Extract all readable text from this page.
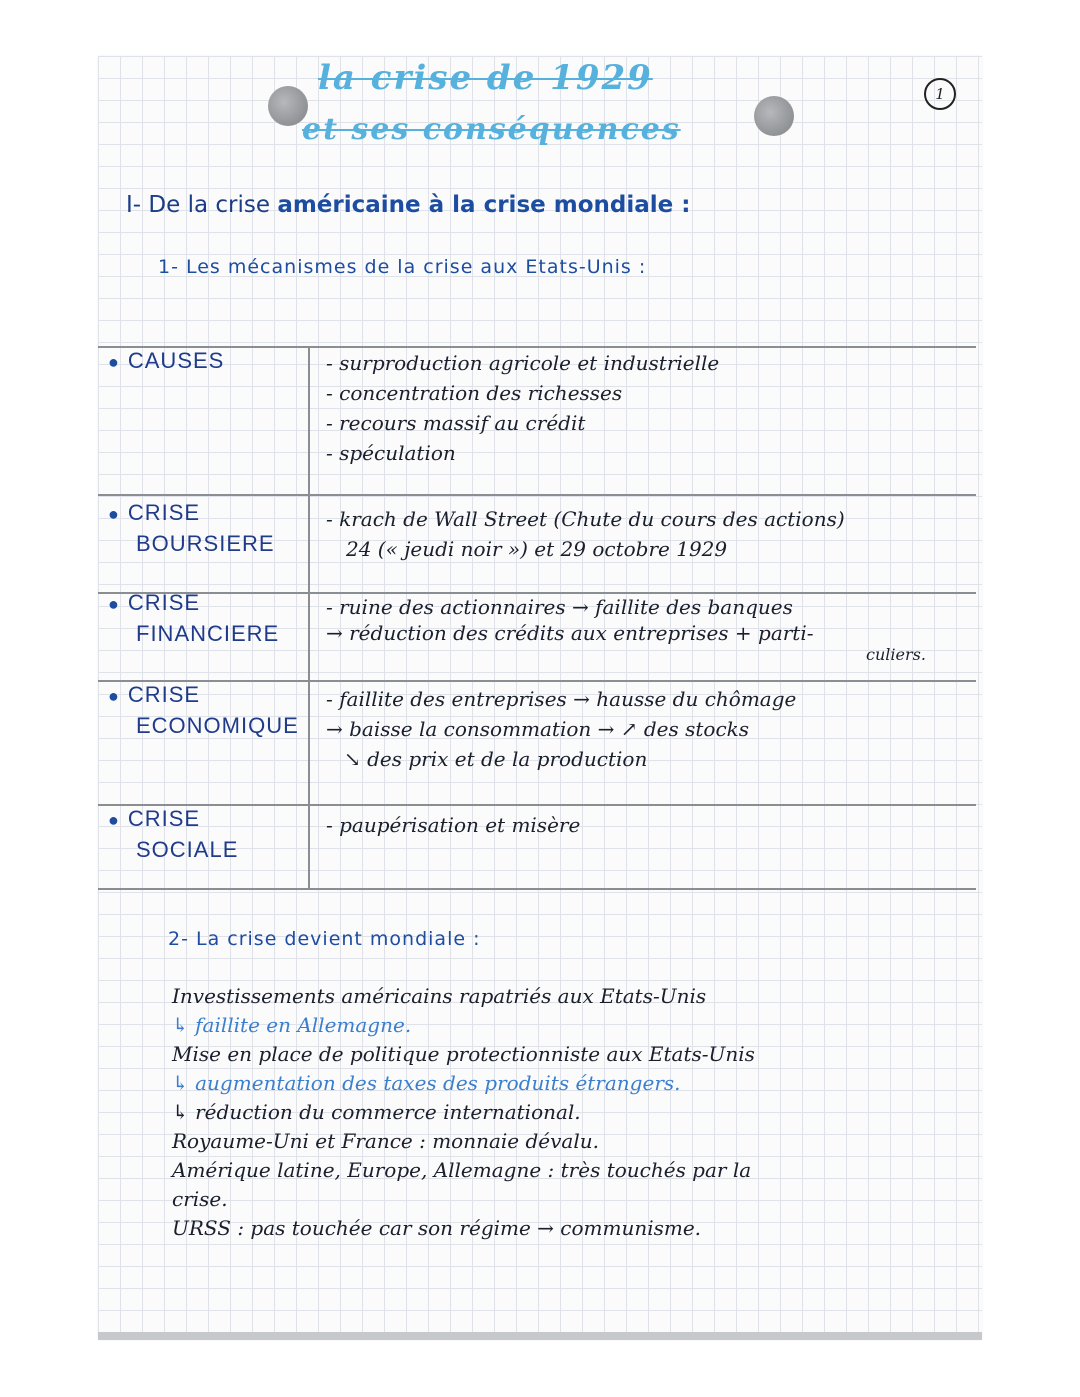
la crise de 1929
et ses conséquences
1
I- De la crise américaine à la crise mondiale :
1- Les mécanismes de la crise aux Etats-Unis :
● CAUSES	- surproduction agricole et industrielle
- concentration des richesses
- recours massif au crédit
- spéculation
● CRISE
BOURSIERE
- krach de Wall Street (Chute du cours des actions)
24 (« jeudi noir ») et 29 octobre 1929
● CRISE
FINANCIERE
- ruine des actionnaires → faillite des banques
→ réduction des crédits aux entreprises + parti-
culiers.
● CRISE
ECONOMIQUE
- faillite des entreprises → hausse du chômage
→ baisse la consommation → ↗ des stocks
↘ des prix et de la production
● CRISE
SOCIALE
- paupérisation et misère
2- La crise devient mondiale :
Investissements américains rapatriés aux Etats-Unis
↳ faillite en Allemagne.
Mise en place de politique protectionniste aux Etats-Unis
↳ augmentation des taxes des produits étrangers.
↳ réduction du commerce international.
Royaume-Uni et France : monnaie dévalu.
Amérique latine, Europe, Allemagne : très touchés par la
crise.
URSS : pas touchée car son régime → communisme.
